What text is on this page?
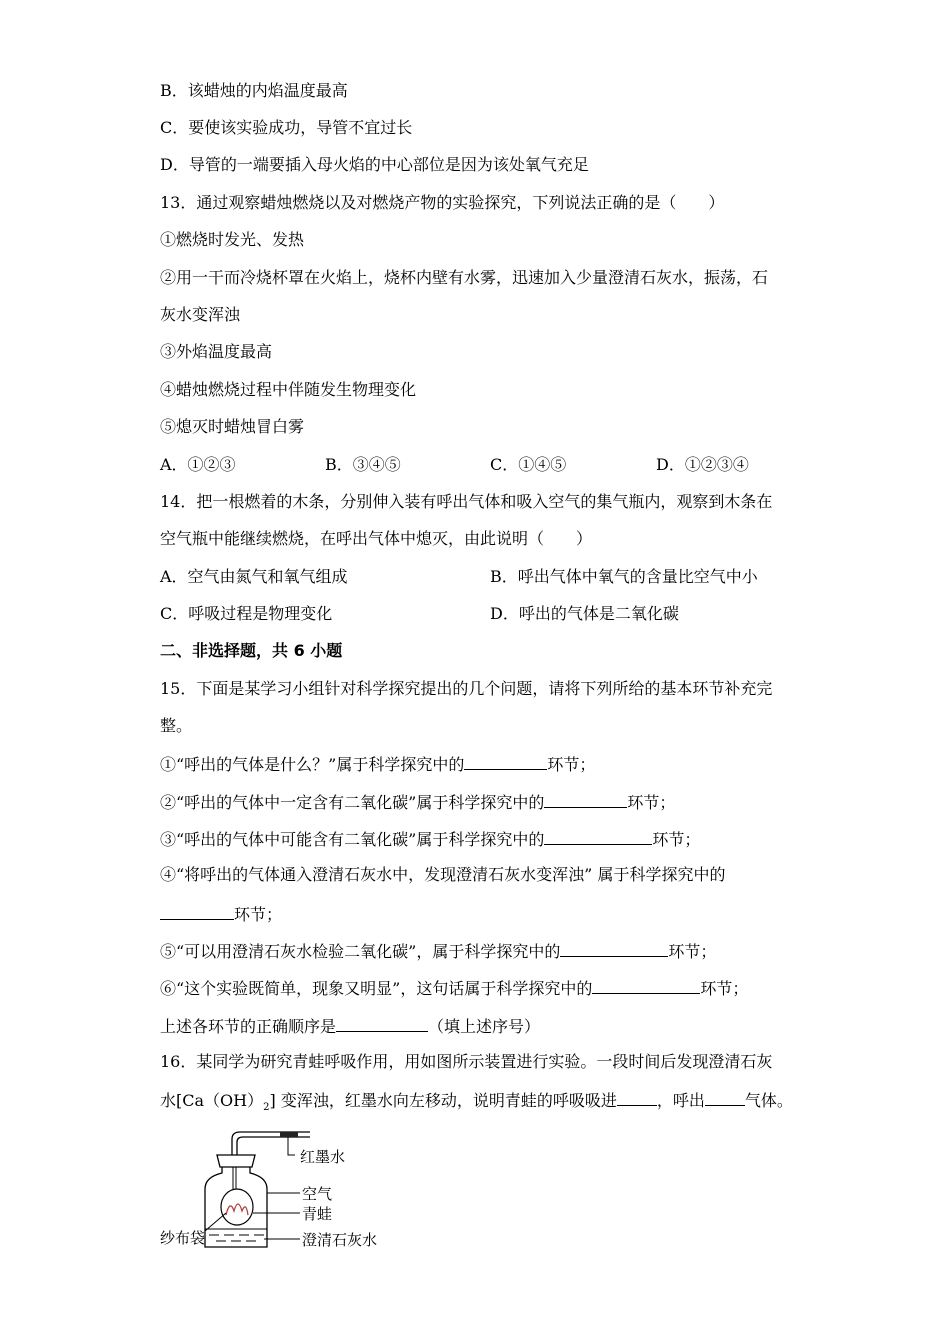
B．该蜡烛的内焰温度最高
C．要使该实验成功，导管不宜过长
D．导管的一端要插入母火焰的中心部位是因为该处氧气充足
13．通过观察蜡烛燃烧以及对燃烧产物的实验探究，下列说法正确的是（　　）
①燃烧时发光、发热
②用一干而冷烧杯罩在火焰上，烧杯内壁有水雾，迅速加入少量澄清石灰水，振荡，石
灰水变浑浊
③外焰温度最高
④蜡烛燃烧过程中伴随发生物理变化
⑤熄灭时蜡烛冒白雾
A．①②③	B．③④⑤	C．①④⑤	D．①②③④
14．把一根燃着的木条，分别伸入装有呼出气体和吸入空气的集气瓶内，观察到木条在
空气瓶中能继续燃烧，在呼出气体中熄灭，由此说明（　　）
A．空气由氮气和氧气组成	B．呼出气体中氧气的含量比空气中小
C．呼吸过程是物理变化	D．呼出的气体是二氧化碳
二、非选择题，共 6 小题
15．下面是某学习小组针对科学探究提出的几个问题，请将下列所给的基本环节补充完
整。
①“呼出的气体是什么？”属于科学探究中的	环节；
②“呼出的气体中一定含有二氧化碳”属于科学探究中的	环节；
③“呼出的气体中可能含有二氧化碳”属于科学探究中的	环节；
④“将呼出的气体通入澄清石灰水中，发现澄清石灰水变浑浊” 属于科学探究中的
环节；
⑤“可以用澄清石灰水检验二氧化碳”，属于科学探究中的	环节；
⑥“这个实验既简单，现象又明显”，这句话属于科学探究中的	环节；
上述各环节的正确顺序是	（填上述序号）
16．某同学为研究青蛙呼吸作用，用如图所示装置进行实验。一段时间后发现澄清石灰
水$[Ca(OH)_2]$ 变浑浊，红墨水向左移动，说明青蛙的呼吸吸进	，呼出	气体。
红墨水
空气
青蛙
纱布袋	澄清石灰水
